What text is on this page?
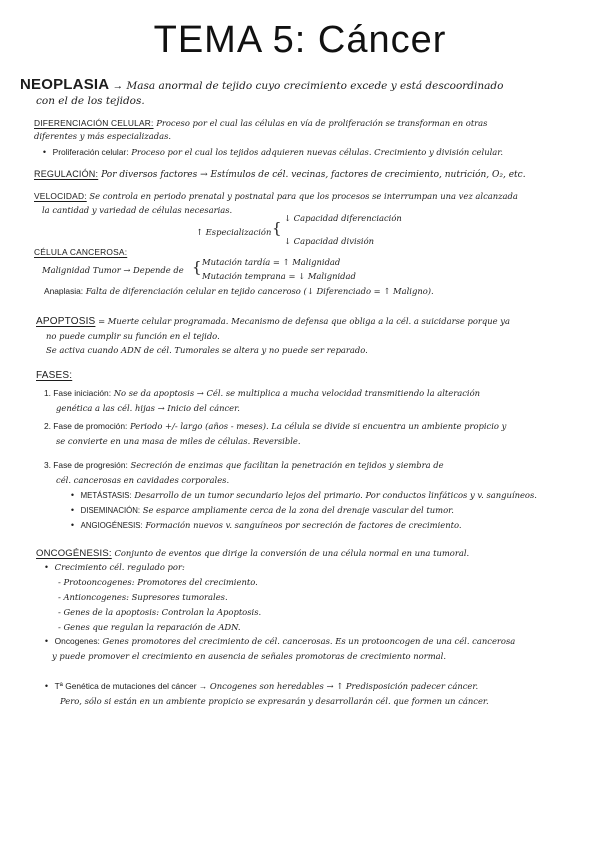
TEMA 5: Cáncer
NEOPLASIA → Masa anormal de tejido cuyo crecimiento excede y está descoordinado
con el de los tejidos.
DIFERENCIACIÓN CELULAR: Proceso por el cual las células en vía de proliferación se transforman en otras
diferentes y más especializadas.
• Proliferación celular: Proceso por el cual los tejidos adquieren nuevas células. Crecimiento y división celular.
REGULACIÓN: Por diversos factores → Estímulos de cél. vecinas, factores de crecimiento, nutrición, O₂, etc.
VELOCIDAD: Se controla en periodo prenatal y postnatal para que los procesos se interrumpan una vez alcanzada
la cantidad y variedad de células necesarias.
↑ Especialización {
↓ Capacidad diferenciación
↓ Capacidad división
CÉLULA CANCEROSA:
Malignidad Tumor → Depende de { Mutación tardía = ↑ Malignidad
Mutación temprana = ↓ Malignidad
Anaplasia: Falta de diferenciación celular en tejido canceroso (↓ Diferenciado = ↑ Maligno).
APOPTOSIS = Muerte celular programada. Mecanismo de defensa que obliga a la cél. a suicidarse porque ya
no puede cumplir su función en el tejido.
Se activa cuando ADN de cél. Tumorales se altera y no puede ser reparado.
FASES:
1. Fase iniciación: No se da apoptosis → Cél. se multiplica a mucha velocidad transmitiendo la alteración
genética a las cél. hijas → Inicio del cáncer.
2. Fase de promoción: Periodo +/- largo (años - meses). La célula se divide si encuentra un ambiente propicio y
se convierte en una masa de miles de células. Reversible.
3. Fase de progresión: Secreción de enzimas que facilitan la penetración en tejidos y siembra de
cél. cancerosas en cavidades corporales.
• METÁSTASIS: Desarrollo de un tumor secundario lejos del primario. Por conductos linfáticos y v. sanguíneos.
• DISEMINACIÓN: Se esparce ampliamente cerca de la zona del drenaje vascular del tumor.
• ANGIOGÉNESIS: Formación nuevos v. sanguíneos por secreción de factores de crecimiento.
ONCOGÉNESIS: Conjunto de eventos que dirige la conversión de una célula normal en una tumoral.
• Crecimiento cél. regulado por:
- Protooncogenes: Promotores del crecimiento.
- Antioncogenes: Supresores tumorales.
- Genes de la apoptosis: Controlan la Apoptosis.
- Genes que regulan la reparación de ADN.
• Oncogenes: Genes promotores del crecimiento de cél. cancerosas. Es un protooncogen de una cél. cancerosa
y puede promover el crecimiento en ausencia de señales promotoras de crecimiento normal.
• Tª Genética de mutaciones del cáncer → Oncogenes son heredables → ↑ Predisposición padecer cáncer.
Pero, sólo si están en un ambiente propicio se expresarán y desarrollarán cél. que formen un cáncer.
